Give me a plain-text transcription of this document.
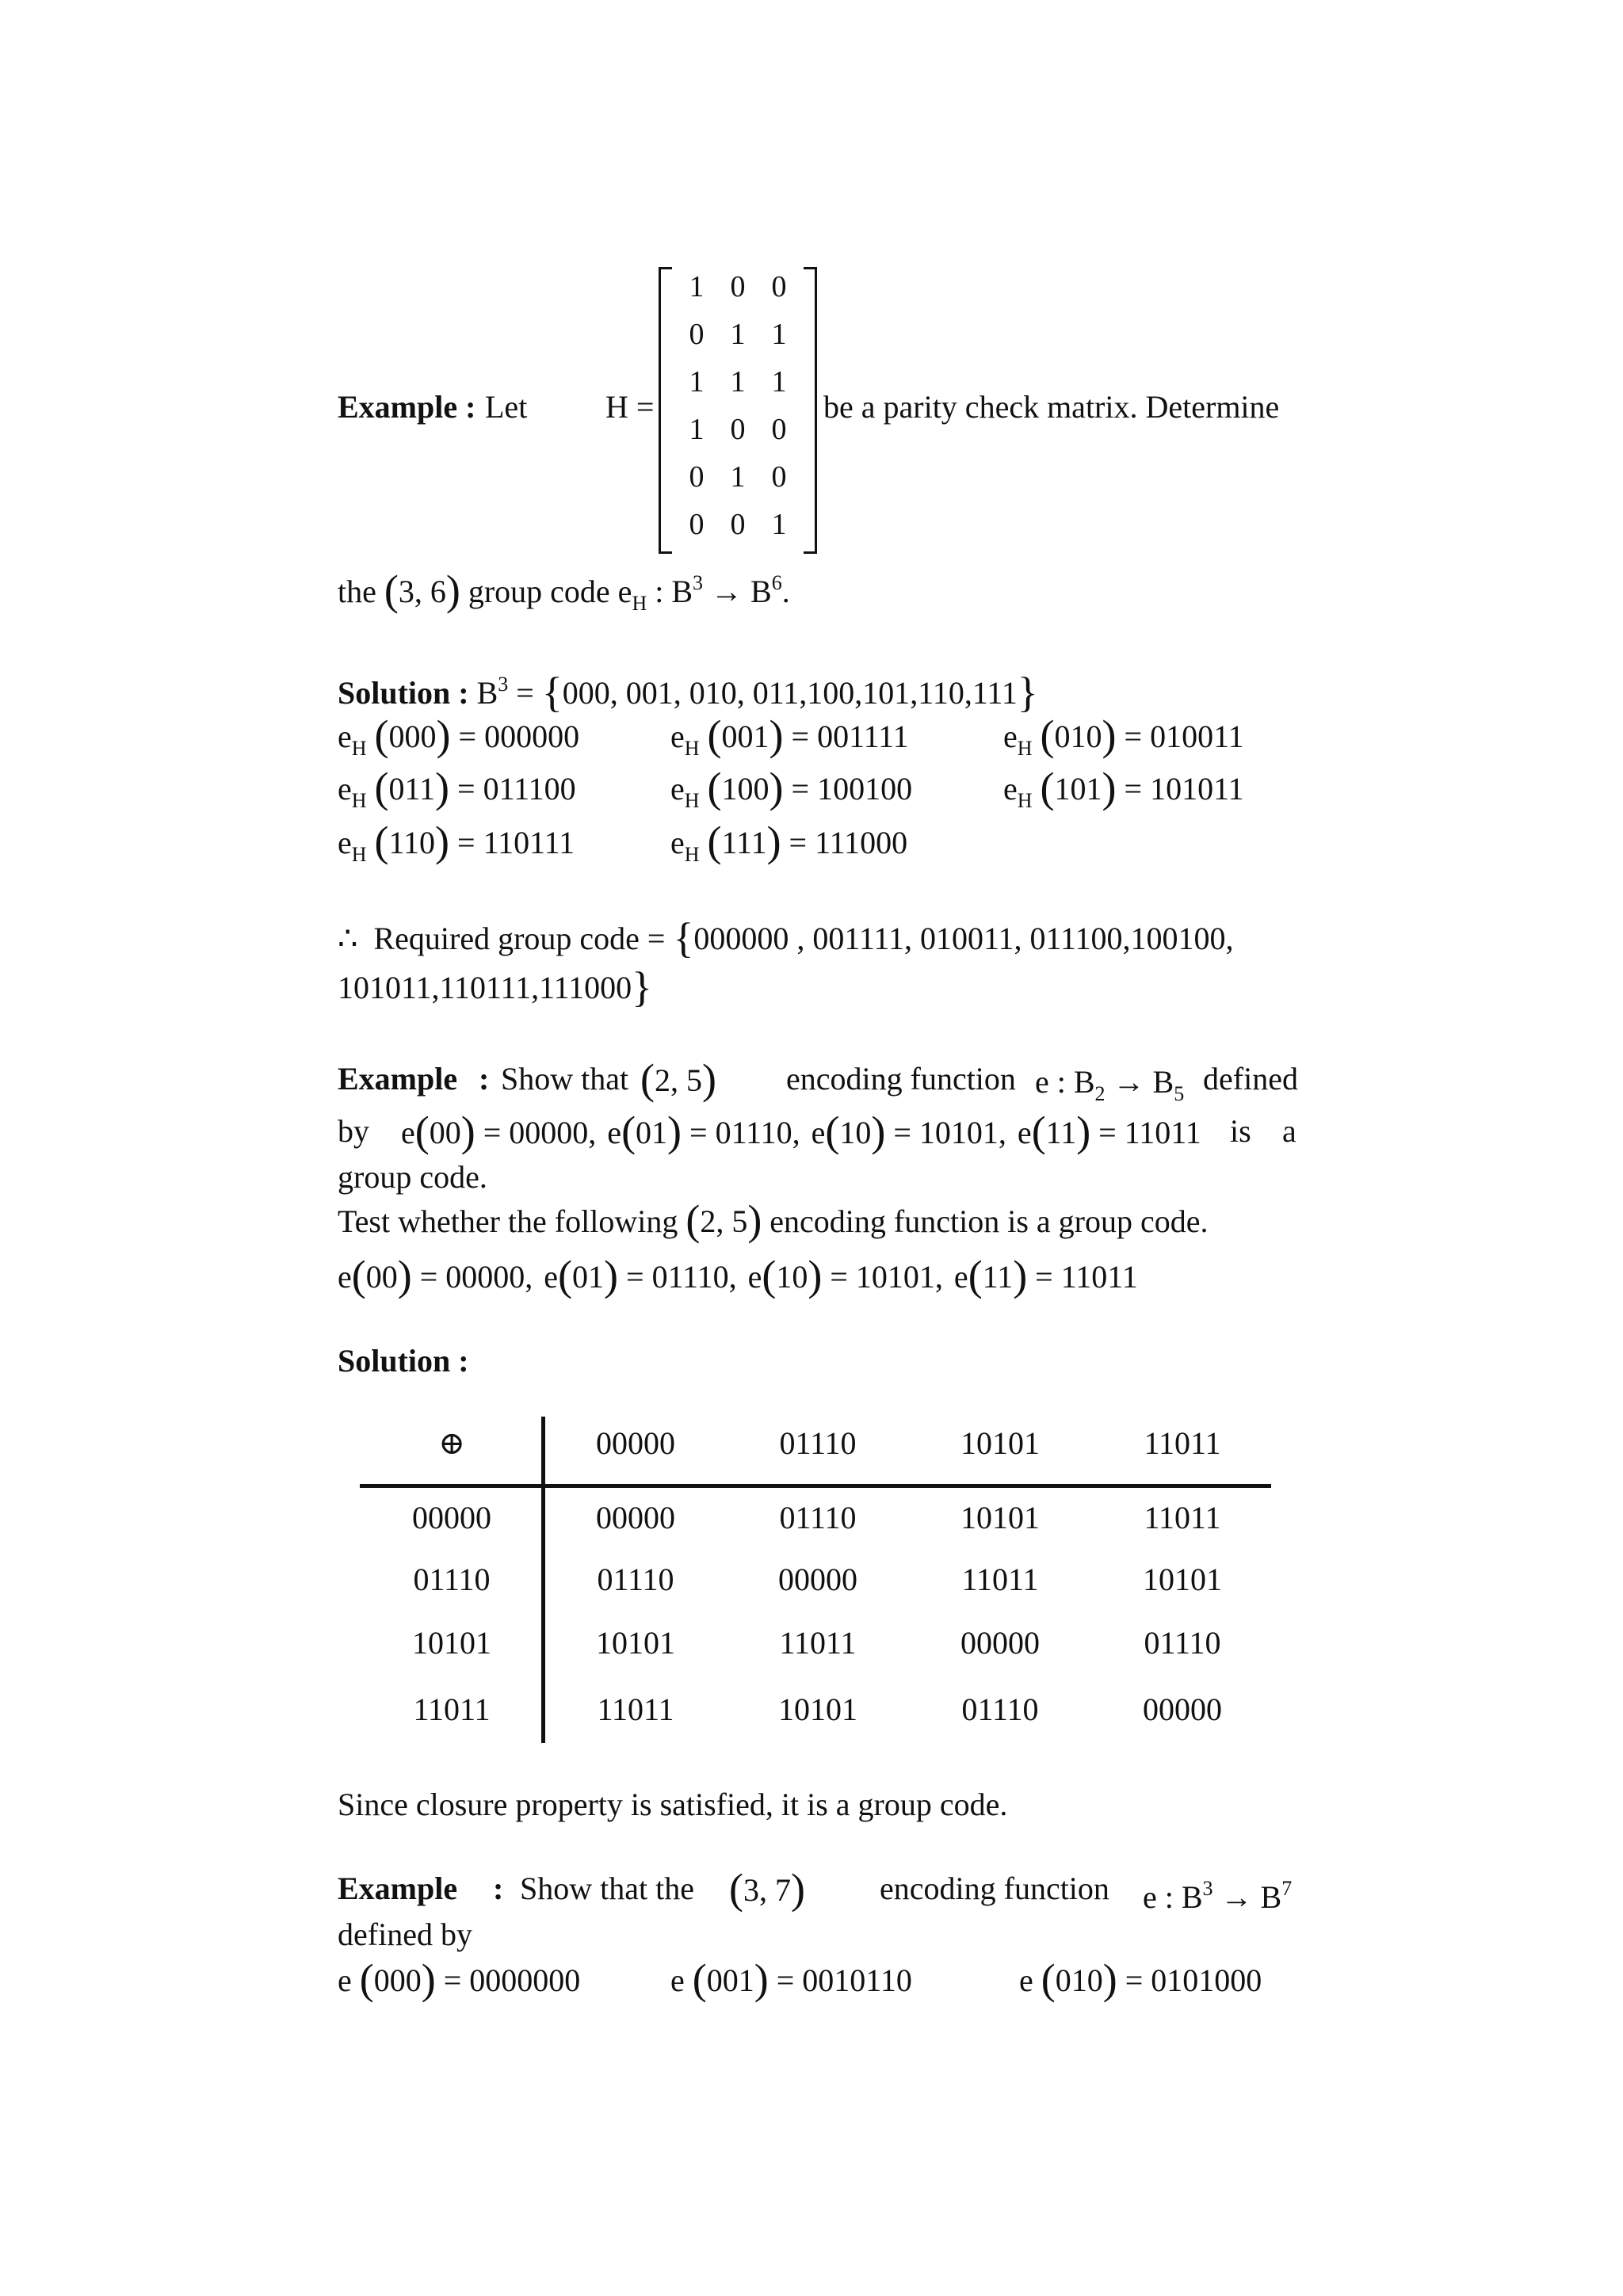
Example : Let H =
1 0 0
0 1 1
1 1 1
1 0 0
0 1 0
0 0 1
be a parity check matrix. Determine
the (3, 6) group code $e_H$ : $B^3 \to B^6$.
Solution : $B^3 = \{000$, 001, 010, 011,100,101,110,111}
$e_H$ (000) = 000000	$e_H$ (001) = 001111	$e_H$ (010) = 010011
$e_H$ (011) = 011100	$e_H$ (100) = 100100	$e_H$ (101) = 101011
$e_H$ (110) = 110111	$e_H$ (111) = 111000
∴ Required group code = {000000 , 001111, 010011, 011100,100100,
101011,110111,111000}
Example : Show that (2, 5) encoding function e : $B_2 \to B_5$ defined
by e(00) = 00000, e(01) = 01110, e(10) = 10101, e(11) = 11011 is a
group code.
Test whether the following (2, 5) encoding function is a group code.
e(00) = 00000, e(01) = 01110, e(10) = 10101, e(11) = 11011
Solution :
⊕	00000	01110	10101	11011
00000	00000	01110	10101	11011
01110	01110	00000	11011	10101
10101	10101	11011	00000	01110
11011	11011	10101	01110	00000
Since closure property is satisfied, it is a group code.
Example : Show that the (3, 7) encoding function e : $B^3 \to B^7$
defined by
e (000) = 0000000	e (001) = 0010110	e (010) = 0101000
